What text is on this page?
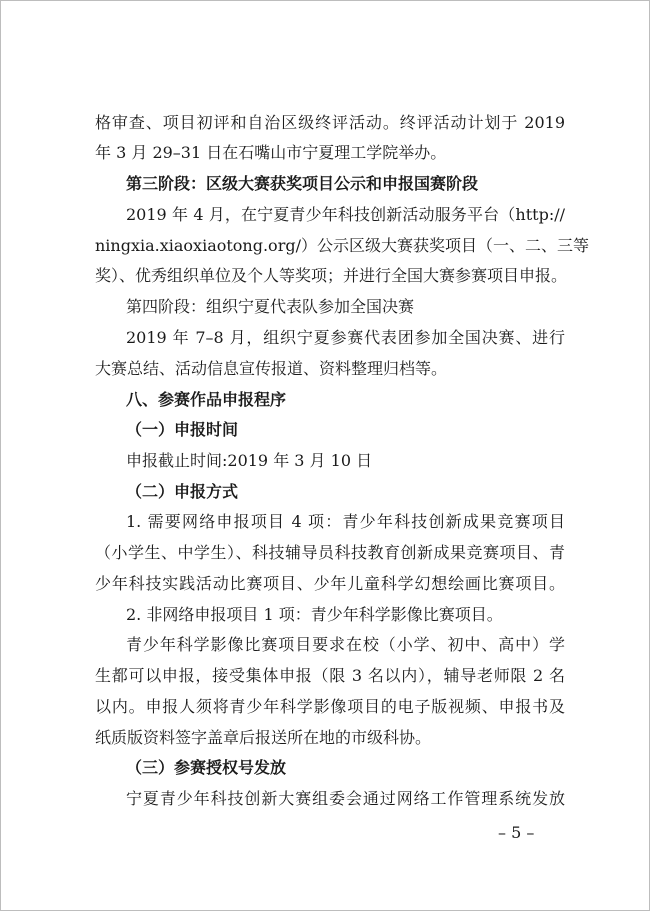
格审查、项目初评和自治区级终评活动。终评活动计划于 2019
年 3 月 29–31 日在石嘴山市宁夏理工学院举办。
第三阶段：区级大赛获奖项目公示和申报国赛阶段
2019 年 4 月，在宁夏青少年科技创新活动服务平台（http://
ningxia.xiaoxiaotong.org/）公示区级大赛获奖项目（一、二、三等
奖）、优秀组织单位及个人等奖项；并进行全国大赛参赛项目申报。
第四阶段：组织宁夏代表队参加全国决赛
2019 年 7–8 月，组织宁夏参赛代表团参加全国决赛、进行
大赛总结、活动信息宣传报道、资料整理归档等。
八、参赛作品申报程序
（一）申报时间
申报截止时间:2019 年 3 月 10 日
（二）申报方式
1. 需要网络申报项目 4 项：青少年科技创新成果竞赛项目
（小学生、中学生）、科技辅导员科技教育创新成果竞赛项目、青
少年科技实践活动比赛项目、少年儿童科学幻想绘画比赛项目。
2. 非网络申报项目 1 项：青少年科学影像比赛项目。
青少年科学影像比赛项目要求在校（小学、初中、高中）学
生都可以申报，接受集体申报（限 3 名以内），辅导老师限 2 名
以内。申报人须将青少年科学影像项目的电子版视频、申报书及
纸质版资料签字盖章后报送所在地的市级科协。
（三）参赛授权号发放
宁夏青少年科技创新大赛组委会通过网络工作管理系统发放
– 5 –
